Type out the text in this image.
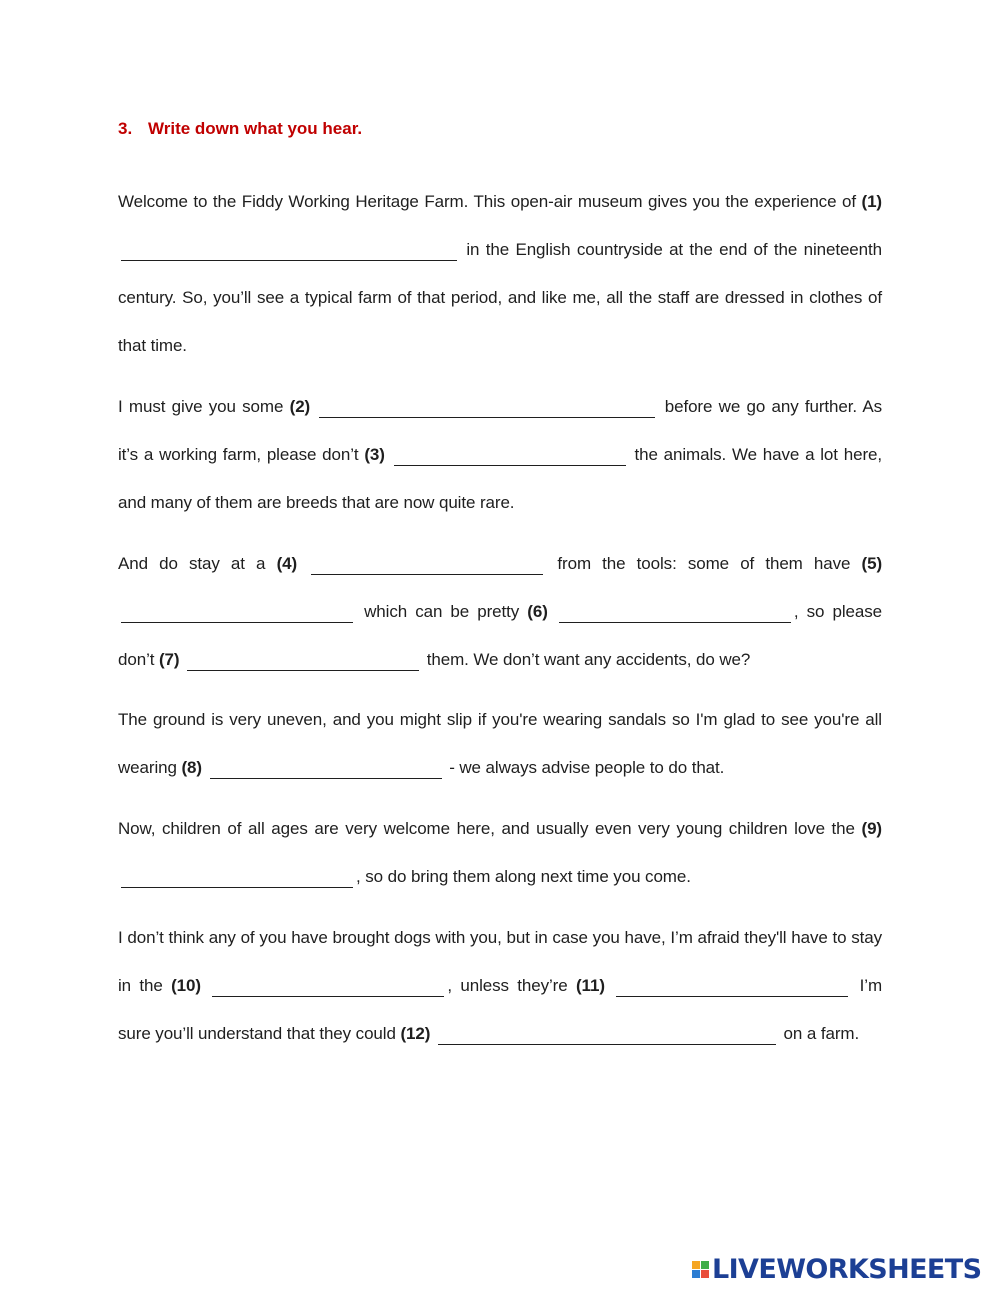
3. Write down what you hear.
Welcome to the Fiddy Working Heritage Farm. This open-air museum gives you the experience of (1)  in the English countryside at the end of the nineteenth century. So, you’ll see a typical farm of that period, and like me, all the staff are dressed in clothes of that time.
I must give you some (2)	before we go any further. As it’s a working farm, please don’t (3)	the animals. We have a lot here, and many of them are breeds that are now quite rare.
And do stay at a (4)	from the tools: some of them have (5)  which can be pretty (6)	, so please don’t (7)	them. We don’t want any accidents, do we?
The ground is very uneven, and you might slip if you're wearing sandals so I'm glad to see you're all wearing (8)	- we always advise people to do that.
Now, children of all ages are very welcome here, and usually even very young children love the (9) , so do bring them along next time you come.
I don’t think any of you have brought dogs with you, but in case you have, I’m afraid they'll have to stay in the (10)	, unless they’re (11)	I’m sure you’ll understand that they could (12)	on a farm.
LIVEWORKSHEETS
